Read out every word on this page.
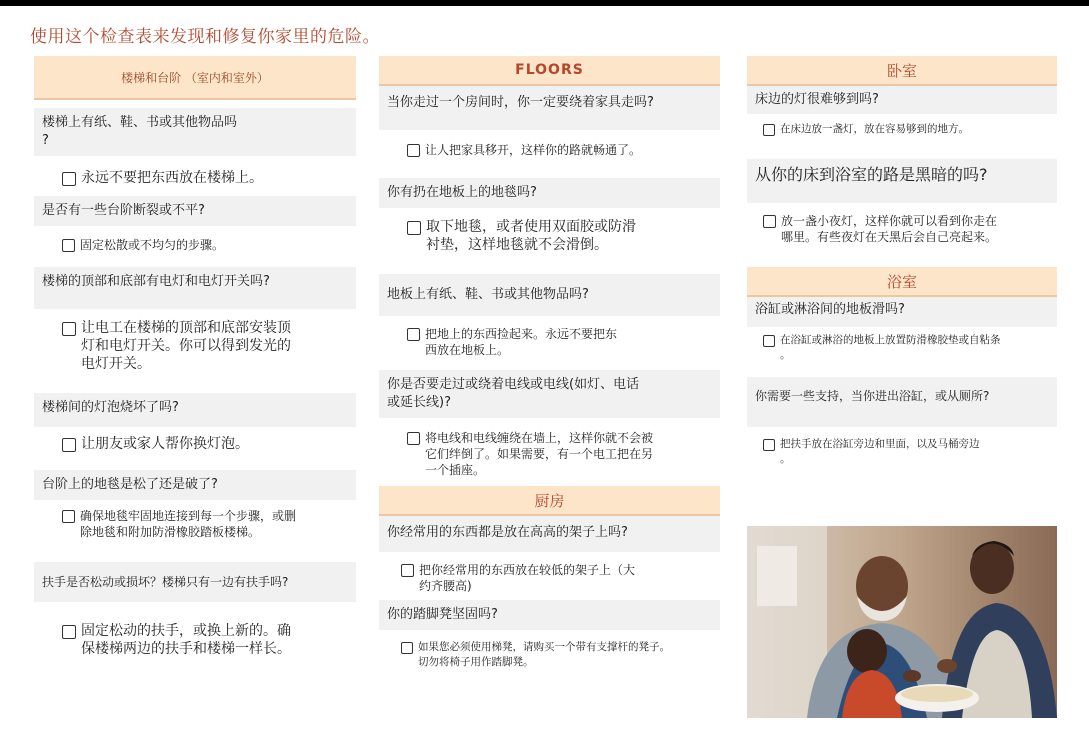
使用这个检查表来发现和修复你家里的危险。
楼梯和台阶 （室内和室外）
楼梯上有纸、鞋、书或其他物品吗
?
永远不要把东西放在楼梯上。
是否有一些台阶断裂或不平?
固定松散或不均匀的步骤。
楼梯的顶部和底部有电灯和电灯开关吗?
让电工在楼梯的顶部和底部安装顶
灯和电灯开关。你可以得到发光的
电灯开关。
楼梯间的灯泡烧坏了吗?
让朋友或家人帮你换灯泡。
台阶上的地毯是松了还是破了?
确保地毯牢固地连接到每一个步骤，或删
除地毯和附加防滑橡胶踏板楼梯。
扶手是否松动或损坏？楼梯只有一边有扶手吗?
固定松动的扶手，或换上新的。确
保楼梯两边的扶手和楼梯一样长。
FLOORS
当你走过一个房间时，你一定要绕着家具走吗?
让人把家具移开，这样你的路就畅通了。
你有扔在地板上的地毯吗?
取下地毯，或者使用双面胶或防滑
衬垫，这样地毯就不会滑倒。
地板上有纸、鞋、书或其他物品吗?
把地上的东西捡起来。永远不要把东
西放在地板上。
你是否要走过或绕着电线或电线(如灯、电话
或延长线)?
将电线和电线缠绕在墙上，这样你就不会被
它们绊倒了。如果需要，有一个电工把在另
一个插座。
厨房
你经常用的东西都是放在高高的架子上吗?
把你经常用的东西放在较低的架子上（大
约齐腰高)
你的踏脚凳坚固吗?
如果您必须使用梯凳，请购买一个带有支撑杆的凳子。
切勿将椅子用作踏脚凳。
卧室
床边的灯很难够到吗?
在床边放一盏灯，放在容易够到的地方。
从你的床到浴室的路是黑暗的吗?
放一盏小夜灯，这样你就可以看到你走在
哪里。有些夜灯在天黑后会自己亮起来。
浴室
浴缸或淋浴间的地板滑吗?
在浴缸或淋浴的地板上放置防滑橡胶垫或自粘条
。
你需要一些支持，当你进出浴缸，或从厕所?
把扶手放在浴缸旁边和里面，以及马桶旁边
。
